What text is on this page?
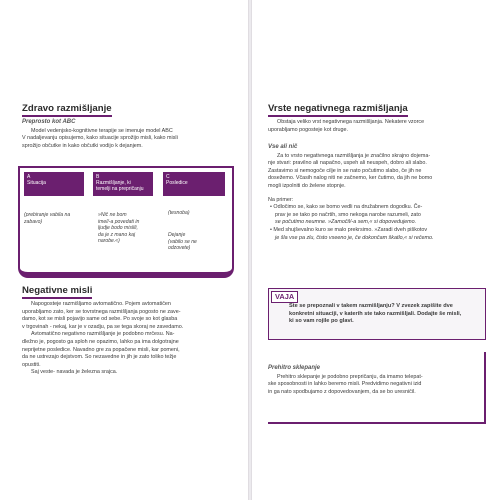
Zdravo razmišljanje
Preprosto kot ABC

Model vedenjsko-kognitivne terapije se imenuje model ABC

V nadaljevanju opisujemo, kako situacije sprožijo misli, kako misli

sprožijo občutke in kako občutki vodijo k dejanjem.

A
Situacija
B
Razmišljanje, ki
temelji na prepričanju
C
Posledice
(prebiranje vabila na
zabavo)
»Nič ne bom
imel/-a povedati in
ljudje bodo mislili,
da je z mano kaj
narobe.«)
(tesnoba)
Dejanje
(vabilo se ne
odzovete)
Negativne misli

Napogosteje razmišljamo avtomatično. Pojem avtomatičen

uporabljamo zato, ker se tovrstnega razmišljanja pogosto ne zave-

damo, kot se misli pojavijo same od sebe. Po svoje so kot glasba

v trgovinah - nekaj, kar je v ozadju, pa se tega skoraj ne zavedamo.

Avtomatično negativno razmišljanje je podobno mrčesu. Na-

dležno je, pogosto ga sploh ne opazimo, lahko pa ima dolgotrajne

neprijetne posledice. Navadno gre za popačene misli, kar pomeni,

da ne ustrezajo dejstvom. So nezavedne in jih je zato toliko težje

opustiti.

Saj veste- navada je železna srajca.

Vrste negativnega razmišljanja

Obstaja veliko vrst negativnega razmišljanja. Nekatere vzorce

uporabljamo pogosteje kot druge.

Vse ali nič

Za to vrsto negativnega razmišljanja je značilno skrajno dojema-

nje stvari: pravilno ali napačno, uspeh ali neuspeh, dobro ali slabo.

Zastavimo si nemogoče cilje in se nato počutimo slabo, če jih ne

dosežemo. Včasih nalog niti ne začnemo, ker čutimo, da jih ne bomo

mogli izpolniti do želene stopnje.

Na primer:

• Odločimo se, kako se bomo vedli na družabnem dogodku. Če-

prav je se tako po načrtih, smo nekoga narobe razumeli, zato

se počutimo neumne. »Zamočil/-a sem,« si dopovedujemo.

• Med shujševalno kuro se malo prekrsimo. »Zaradi dveh piškotov

je šla vse pa zlu, čisto vseeno je, če dokončam škatlo,« si rečemo.

VAJA
Ste se prepoznali v takem razmišljanju? V zvezek zapišite dve
konkretni situaciji, v katerih ste tako razmišljali. Dodajte še misli,
ki so vam rojile po glavi.
Prehitro sklepanje

Prehitro sklepanje je podobno prepričanju, da imamo telepat-

ske sposobnosti in lahko beremo misli. Predvidimo negativni izid

in ga nato spodbujamo z dopovedovanjem, da se bo uresničil.
